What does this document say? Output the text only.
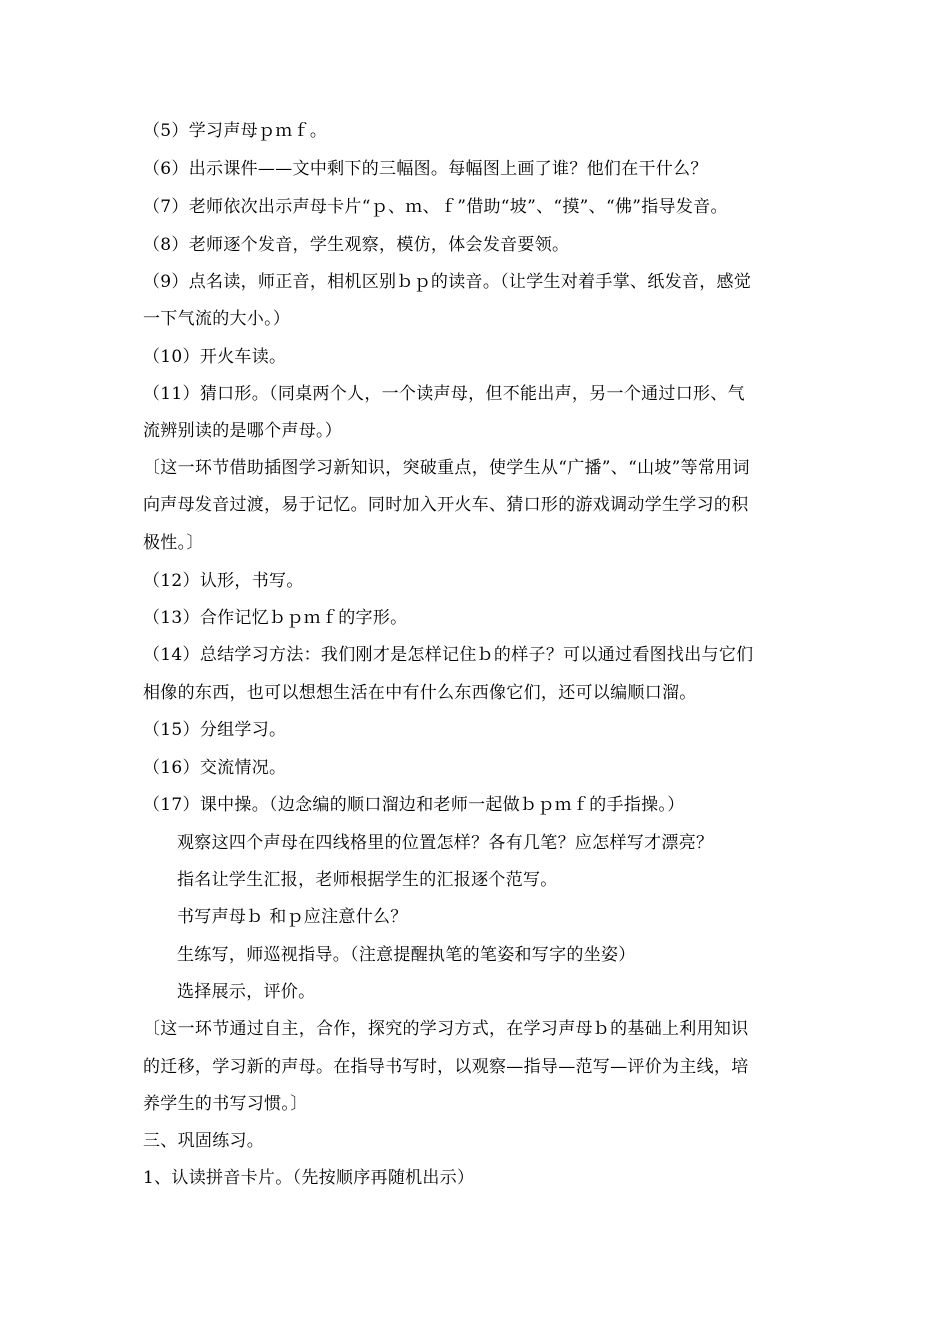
（5）学习声母ｐｍｆ。
（6）出示课件——文中剩下的三幅图。每幅图上画了谁？他们在干什么？
（7）老师依次出示声母卡片“ｐ、ｍ、ｆ”借助“坡”、“摸”、“佛”指导发音。
（8）老师逐个发音，学生观察，模仿，体会发音要领。
（9）点名读，师正音，相机区别ｂｐ的读音。（让学生对着手掌、纸发音，感觉
一下气流的大小。）
（10）开火车读。
（11）猜口形。（同桌两个人，一个读声母，但不能出声，另一个通过口形、气
流辨别读的是哪个声母。）
〔这一环节借助插图学习新知识，突破重点，使学生从“广播”、“山坡”等常用词
向声母发音过渡，易于记忆。同时加入开火车、猜口形的游戏调动学生学习的积
极性。〕
（12）认形，书写。
（13）合作记忆ｂｐｍｆ的字形。
（14）总结学习方法：我们刚才是怎样记住ｂ的样子？可以通过看图找出与它们
相像的东西，也可以想想生活在中有什么东西像它们，还可以编顺口溜。
（15）分组学习。
（16）交流情况。
（17）课中操。（边念编的顺口溜边和老师一起做ｂｐｍｆ的手指操。）
观察这四个声母在四线格里的位置怎样？各有几笔？应怎样写才漂亮？
指名让学生汇报，老师根据学生的汇报逐个范写。
书写声母ｂ 和ｐ应注意什么？
生练写，师巡视指导。（注意提醒执笔的笔姿和写字的坐姿）
选择展示，评价。
〔这一环节通过自主，合作，探究的学习方式，在学习声母ｂ的基础上利用知识
的迁移，学习新的声母。在指导书写时，以观察—指导—范写—评价为主线，培
养学生的书写习惯。〕
三、巩固练习。
1、认读拼音卡片。（先按顺序再随机出示）
